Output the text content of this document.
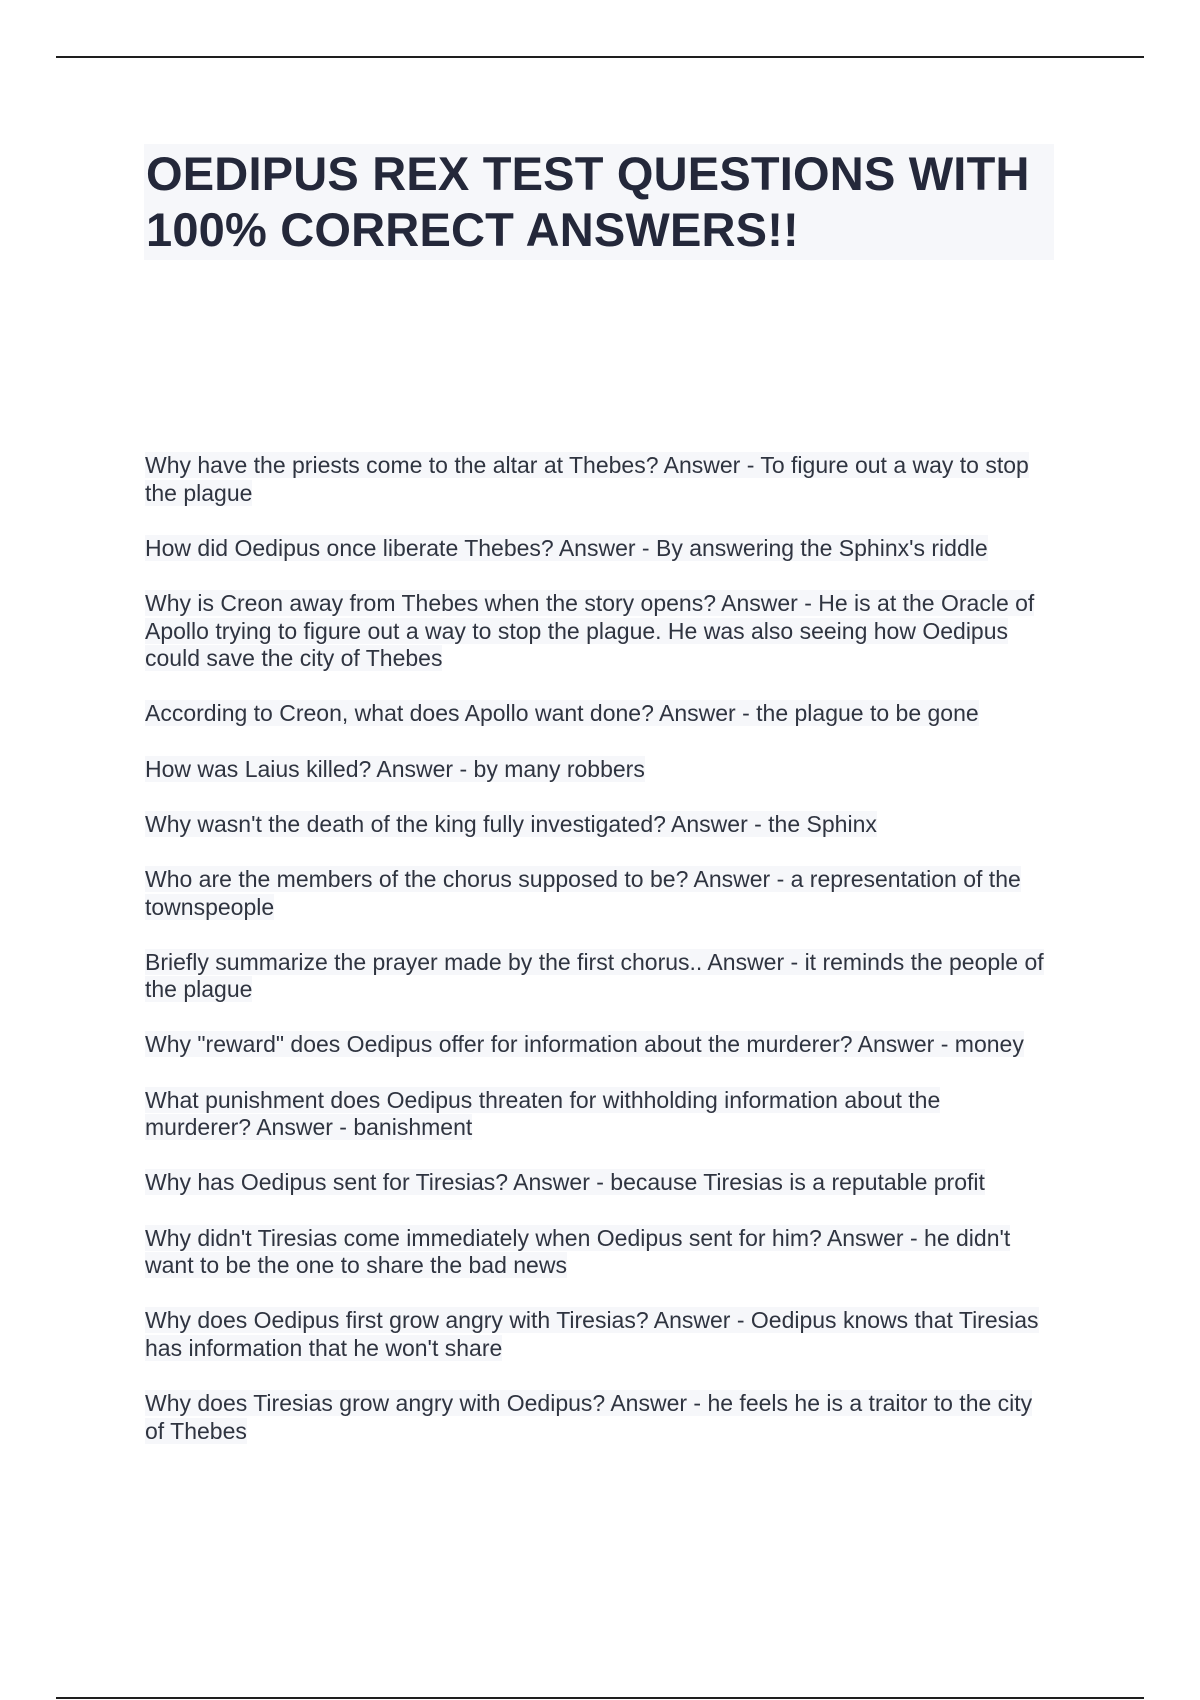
OEDIPUS REX TEST QUESTIONS WITH 100% CORRECT ANSWERS!!
Why have the priests come to the altar at Thebes? Answer - To figure out a way to stop the plague
How did Oedipus once liberate Thebes? Answer - By answering the Sphinx's riddle
Why is Creon away from Thebes when the story opens? Answer - He is at the Oracle of Apollo trying to figure out a way to stop the plague. He was also seeing how Oedipus could save the city of Thebes
According to Creon, what does Apollo want done? Answer - the plague to be gone
How was Laius killed? Answer - by many robbers
Why wasn't the death of the king fully investigated? Answer - the Sphinx
Who are the members of the chorus supposed to be? Answer - a representation of the townspeople
Briefly summarize the prayer made by the first chorus.. Answer - it reminds the people of the plague
Why "reward" does Oedipus offer for information about the murderer? Answer - money
What punishment does Oedipus threaten for withholding information about the murderer? Answer - banishment
Why has Oedipus sent for Tiresias? Answer - because Tiresias is a reputable profit
Why didn't Tiresias come immediately when Oedipus sent for him? Answer - he didn't want to be the one to share the bad news
Why does Oedipus first grow angry with Tiresias? Answer - Oedipus knows that Tiresias has information that he won't share
Why does Tiresias grow angry with Oedipus? Answer - he feels he is a traitor to the city of Thebes
